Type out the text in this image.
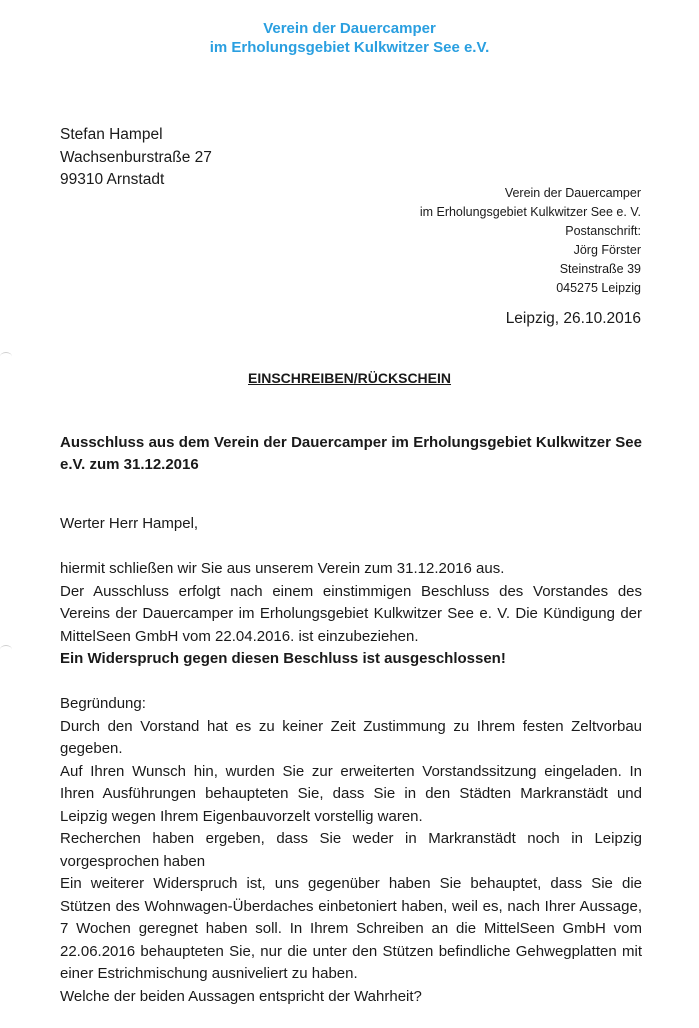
Verein der Dauercamper
im Erholungsgebiet Kulkwitzer See e.V.
Stefan Hampel
Wachsenburstraße 27
99310 Arnstadt
Verein der Dauercamper
im Erholungsgebiet Kulkwitzer See e. V.
Postanschrift:
Jörg Förster
Steinstraße 39
045275 Leipzig
Leipzig, 26.10.2016
EINSCHREIBEN/RÜCKSCHEIN
Ausschluss aus dem Verein der Dauercamper im Erholungsgebiet Kulkwitzer See e.V. zum 31.12.2016

Werter Herr Hampel,

hiermit schließen wir Sie aus unserem Verein zum 31.12.2016 aus.

Der Ausschluss erfolgt nach einem einstimmigen Beschluss des Vorstandes des Vereins der Dauercamper im Erholungsgebiet Kulkwitzer See e. V. Die Kündigung der MittelSeen GmbH vom 22.04.2016. ist einzubeziehen.

Ein Widerspruch gegen diesen Beschluss ist ausgeschlossen!

Begründung:

Durch den Vorstand hat es zu keiner Zeit Zustimmung zu Ihrem festen Zeltvorbau gegeben.

Auf Ihren Wunsch hin, wurden Sie zur erweiterten Vorstandssitzung eingeladen. In Ihren Ausführungen behaupteten Sie, dass Sie in den Städten Markranstädt und Leipzig wegen Ihrem Eigenbauvorzelt vorstellig waren.

Recherchen haben ergeben, dass Sie weder in Markranstädt noch in Leipzig vorgesprochen haben

Ein weiterer Widerspruch ist, uns gegenüber haben Sie behauptet, dass Sie die Stützen des Wohnwagen-Überdaches einbetoniert haben, weil es, nach Ihrer Aussage, 7 Wochen geregnet haben soll. In Ihrem Schreiben an die MittelSeen GmbH vom 22.06.2016 behaupteten Sie, nur die unter den Stützen befindliche Gehwegplatten mit einer Estrichmischung ausniveliert zu haben.

Welche der beiden Aussagen entspricht der Wahrheit?
